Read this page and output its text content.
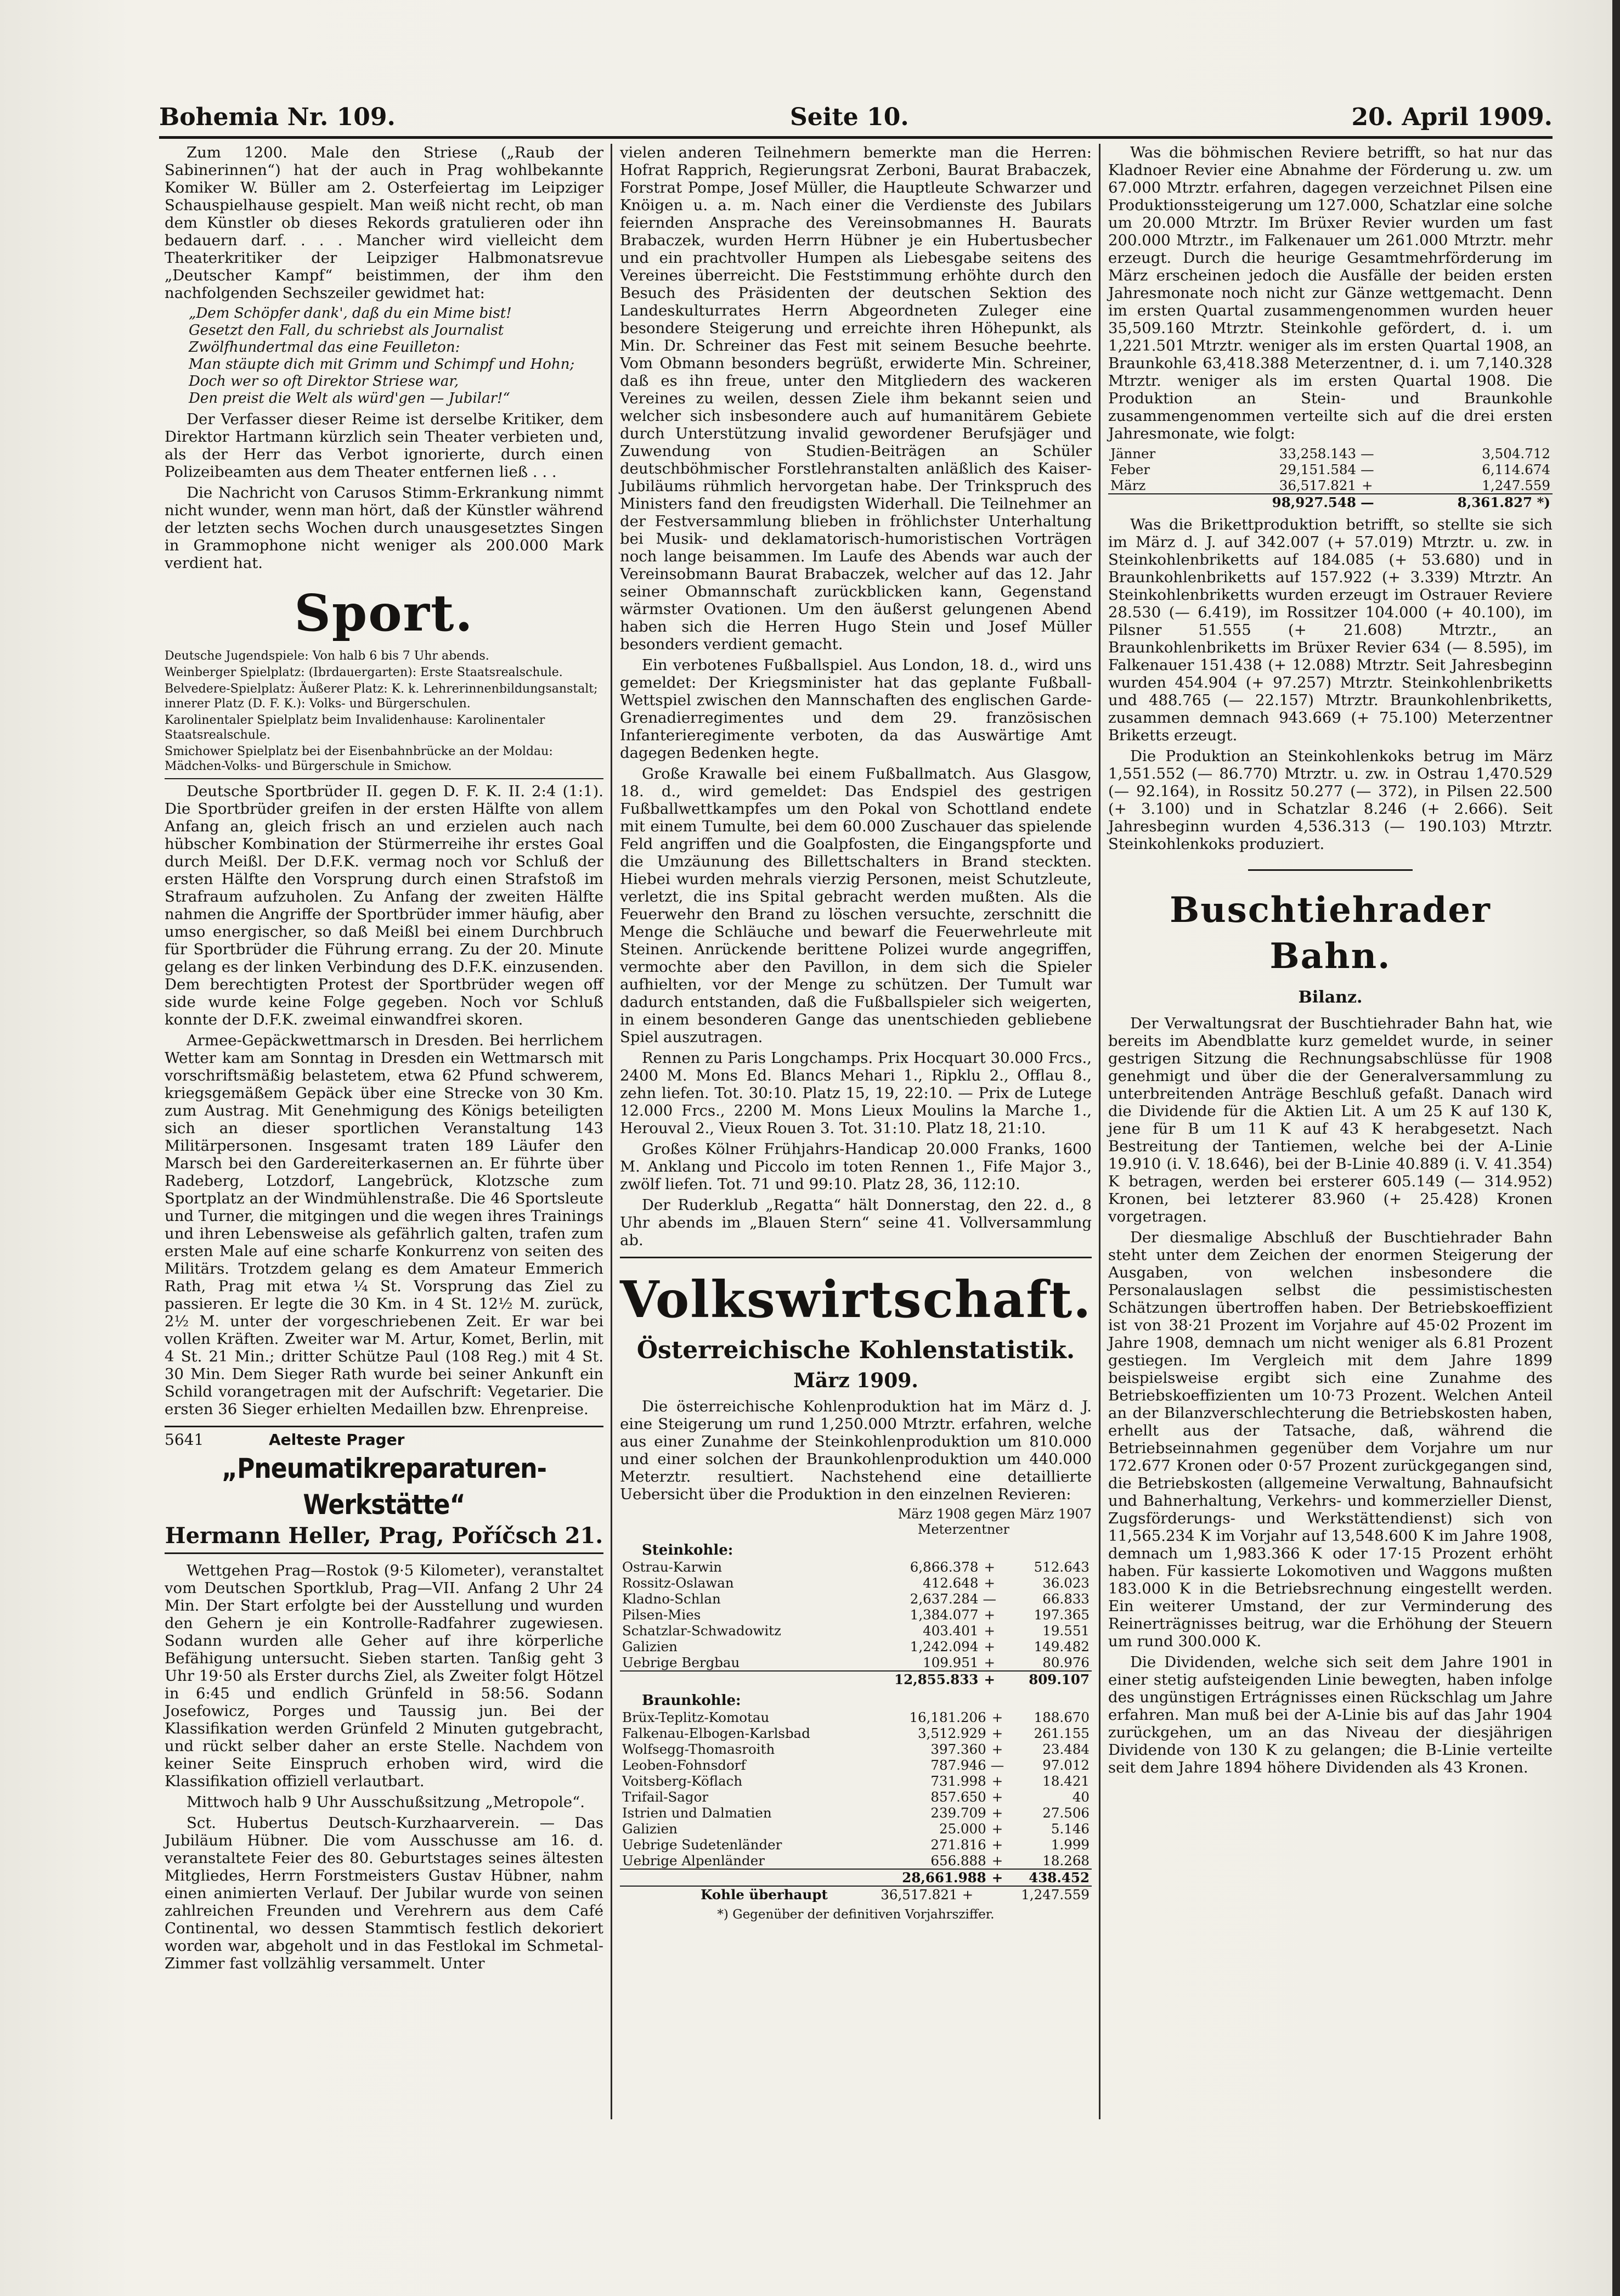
Bohemia Nr. 109.	Seite 10.	20. April 1909.

Zum 1200. Male den Striese („Raub der Sabinerinnen“) hat der auch in Prag wohlbekannte Komiker W. Büller am 2. Osterfeiertag im Leipziger Schauspielhause gespielt. Man weiß nicht recht, ob man dem Künstler ob dieses Rekords gratulieren oder ihn bedauern darf. . . . Mancher wird vielleicht dem Theaterkritiker der Leipziger Halbmonatsrevue „Deutscher Kampf“ beistimmen, der ihm den nachfolgenden Sechszeiler gewidmet hat:

„Dem Schöpfer dank', daß du ein Mime bist!
Gesetzt den Fall, du schriebst als Journalist
Zwölfhundertmal das eine Feuilleton:
Man stäupte dich mit Grimm und Schimpf und Hohn;
Doch wer so oft Direktor Striese war,
Den preist die Welt als würd'gen — Jubilar!“

Der Verfasser dieser Reime ist derselbe Kritiker, dem Direktor Hartmann kürzlich sein Theater verbieten und, als der Herr das Verbot ignorierte, durch einen Polizeibeamten aus dem Theater entfernen ließ . . .

Die Nachricht von Carusos Stimm-Erkrankung nimmt nicht wunder, wenn man hört, daß der Künstler während der letzten sechs Wochen durch unausgesetztes Singen in Grammophone nicht weniger als 200.000 Mark verdient hat.

Sport.

Deutsche Jugendspiele: Von halb 6 bis 7 Uhr abends.

Weinberger Spielplatz: (Ibrdauergarten): Erste Staatsrealschule.

Belvedere-Spielplatz: Äußerer Platz: K. k. Lehrerinnenbildungsanstalt; innerer Platz (D. F. K.): Volks- und Bürgerschulen.

Karolinentaler Spielplatz beim Invalidenhause: Karolinentaler Staatsrealschule.

Smichower Spielplatz bei der Eisenbahnbrücke an der Moldau: Mädchen-Volks- und Bürgerschule in Smichow.

Deutsche Sportbrüder II. gegen D. F. K. II. 2:4 (1:1). Die Sportbrüder greifen in der ersten Hälfte von allem Anfang an, gleich frisch an und erzielen auch nach hübscher Kombination der Stürmerreihe ihr erstes Goal durch Meißl. Der D.F.K. vermag noch vor Schluß der ersten Hälfte den Vorsprung durch einen Strafstoß im Strafraum aufzuholen. Zu Anfang der zweiten Hälfte nahmen die Angriffe der Sportbrüder immer häufig, aber umso energischer, so daß Meißl bei einem Durchbruch für Sportbrüder die Führung errang. Zu der 20. Minute gelang es der linken Verbindung des D.F.K. einzusenden. Dem berechtigten Protest der Sportbrüder wegen off side wurde keine Folge gegeben. Noch vor Schluß konnte der D.F.K. zweimal einwandfrei skoren.

Armee-Gepäckwettmarsch in Dresden. Bei herrlichem Wetter kam am Sonntag in Dresden ein Wettmarsch mit vorschriftsmäßig belastetem, etwa 62 Pfund schwerem, kriegsgemäßem Gepäck über eine Strecke von 30 Km. zum Austrag. Mit Genehmigung des Königs beteiligten sich an dieser sportlichen Veranstaltung 143 Militärpersonen. Insgesamt traten 189 Läufer den Marsch bei den Gardereiterkasernen an. Er führte über Radeberg, Lotzdorf, Langebrück, Klotzsche zum Sportplatz an der Windmühlenstraße. Die 46 Sportsleute und Turner, die mitgingen und die wegen ihres Trainings und ihren Lebensweise als gefährlich galten, trafen zum ersten Male auf eine scharfe Konkurrenz von seiten des Militärs. Trotzdem gelang es dem Amateur Emmerich Rath, Prag mit etwa ¼ St. Vorsprung das Ziel zu passieren. Er legte die 30 Km. in 4 St. 12½ M. zurück, 2½ M. unter der vorgeschriebenen Zeit. Er war bei vollen Kräften. Zweiter war M. Artur, Komet, Berlin, mit 4 St. 21 Min.; dritter Schütze Paul (108 Reg.) mit 4 St. 30 Min. Dem Sieger Rath wurde bei seiner Ankunft ein Schild vorangetragen mit der Aufschrift: Vegetarier. Die ersten 36 Sieger erhielten Medaillen bzw. Ehrenpreise.

5641	Aelteste Prager
„Pneumatikreparaturen-Werkstätte“
Hermann Heller, Prag, Poříčsch 21.

Wettgehen Prag—Rostok (9·5 Kilometer), veranstaltet vom Deutschen Sportklub, Prag—VII. Anfang 2 Uhr 24 Min. Der Start erfolgte bei der Ausstellung und wurden den Gehern je ein Kontrolle-Radfahrer zugewiesen. Sodann wurden alle Geher auf ihre körperliche Befähigung untersucht. Sieben starten. Tanßig geht 3 Uhr 19·50 als Erster durchs Ziel, als Zweiter folgt Hötzel in 6:45 und endlich Grünfeld in 58:56. Sodann Josefowicz, Porges und Taussig jun. Bei der Klassifikation werden Grünfeld 2 Minuten gutgebracht, und rückt selber daher an erste Stelle. Nachdem von keiner Seite Einspruch erhoben wird, wird die Klassifikation offiziell verlautbart.

Mittwoch halb 9 Uhr Ausschußsitzung „Metropole“.

Sct. Hubertus Deutsch-Kurzhaarverein. — Das Jubiläum Hübner. Die vom Ausschusse am 16. d. veranstaltete Feier des 80. Geburtstages seines ältesten Mitgliedes, Herrn Forstmeisters Gustav Hübner, nahm einen animierten Verlauf. Der Jubilar wurde von seinen zahlreichen Freunden und Verehrern aus dem Café Continental, wo dessen Stammtisch festlich dekoriert worden war, abgeholt und in das Festlokal im Schmetal-Zimmer fast vollzählig versammelt. Unter

vielen anderen Teilnehmern bemerkte man die Herren: Hofrat Rapprich, Regierungsrat Zerboni, Baurat Brabaczek, Forstrat Pompe, Josef Müller, die Hauptleute Schwarzer und Knöigen u. a. m. Nach einer die Verdienste des Jubilars feiernden Ansprache des Vereinsobmannes H. Baurats Brabaczek, wurden Herrn Hübner je ein Hubertusbecher und ein prachtvoller Humpen als Liebesgabe seitens des Vereines überreicht. Die Feststimmung erhöhte durch den Besuch des Präsidenten der deutschen Sektion des Landeskulturrates Herrn Abgeordneten Zuleger eine besondere Steigerung und erreichte ihren Höhepunkt, als Min. Dr. Schreiner das Fest mit seinem Besuche beehrte. Vom Obmann besonders begrüßt, erwiderte Min. Schreiner, daß es ihn freue, unter den Mitgliedern des wackeren Vereines zu weilen, dessen Ziele ihm bekannt seien und welcher sich insbesondere auch auf humanitärem Gebiete durch Unterstützung invalid gewordener Berufsjäger und Zuwendung von Studien-Beiträgen an Schüler deutschböhmischer Forstlehranstalten anläßlich des Kaiser-Jubiläums rühmlich hervorgetan habe. Der Trinkspruch des Ministers fand den freudigsten Widerhall. Die Teilnehmer an der Festversammlung blieben in fröhlichster Unterhaltung bei Musik- und deklamatorisch-humoristischen Vorträgen noch lange beisammen. Im Laufe des Abends war auch der Vereinsobmann Baurat Brabaczek, welcher auf das 12. Jahr seiner Obmannschaft zurückblicken kann, Gegenstand wärmster Ovationen. Um den äußerst gelungenen Abend haben sich die Herren Hugo Stein und Josef Müller besonders verdient gemacht.

Ein verbotenes Fußballspiel. Aus London, 18. d., wird uns gemeldet: Der Kriegsminister hat das geplante Fußball-Wettspiel zwischen den Mannschaften des englischen Garde-Grenadierregimentes und dem 29. französischen Infanterieregimente verboten, da das Auswärtige Amt dagegen Bedenken hegte.

Große Krawalle bei einem Fußballmatch. Aus Glasgow, 18. d., wird gemeldet: Das Endspiel des gestrigen Fußballwettkampfes um den Pokal von Schottland endete mit einem Tumulte, bei dem 60.000 Zuschauer das spielende Feld angriffen und die Goalpfosten, die Eingangspforte und die Umzäunung des Billettschalters in Brand steckten. Hiebei wurden mehrals vierzig Personen, meist Schutzleute, verletzt, die ins Spital gebracht werden mußten. Als die Feuerwehr den Brand zu löschen versuchte, zerschnitt die Menge die Schläuche und bewarf die Feuerwehrleute mit Steinen. Anrückende berittene Polizei wurde angegriffen, vermochte aber den Pavillon, in dem sich die Spieler aufhielten, vor der Menge zu schützen. Der Tumult war dadurch entstanden, daß die Fußballspieler sich weigerten, in einem besonderen Gange das unentschieden gebliebene Spiel auszutragen.

Rennen zu Paris Longchamps. Prix Hocquart 30.000 Frcs., 2400 M. Mons Ed. Blancs Mehari 1., Ripklu 2., Offlau 8., zehn liefen. Tot. 30:10. Platz 15, 19, 22:10. — Prix de Lutege 12.000 Frcs., 2200 M. Mons Lieux Moulins la Marche 1., Herouval 2., Vieux Rouen 3. Tot. 31:10. Platz 18, 21:10.

Großes Kölner Frühjahrs-Handicap 20.000 Franks, 1600 M. Anklang und Piccolo im toten Rennen 1., Fife Major 3., zwölf liefen. Tot. 71 und 99:10. Platz 28, 36, 112:10.

Der Ruderklub „Regatta“ hält Donnerstag, den 22. d., 8 Uhr abends im „Blauen Stern“ seine 41. Vollversammlung ab.

Volkswirtschaft.
Österreichische Kohlenstatistik.
März 1909.

Die österreichische Kohlenproduktion hat im März d. J. eine Steigerung um rund 1,250.000 Mtrztr. erfahren, welche aus einer Zunahme der Steinkohlenproduktion um 810.000 und einer solchen der Braunkohlenproduktion um 440.000 Meterztr. resultiert. Nachstehend eine detaillierte Uebersicht über die Produktion in den einzelnen Revieren:

März 1908 gegen März 1907
Meterzentner
Steinkohle:
Ostrau-Karwin	6,866.378	+	512.643
Rossitz-Oslawan	412.648	+	36.023
Kladno-Schlan	2,637.284	—	66.833
Pilsen-Mies	1,384.077	+	197.365
Schatzlar-Schwadowitz	403.401	+	19.551
Galizien	1,242.094	+	149.482
Uebrige Bergbau	109.951	+	80.976
	12,855.833	+	809.107
Braunkohle:
Brüx-Teplitz-Komotau	16,181.206	+	188.670
Falkenau-Elbogen-Karlsbad	3,512.929	+	261.155
Wolfsegg-Thomasroith	397.360	+	23.484
Leoben-Fohnsdorf	787.946	—	97.012
Voitsberg-Köflach	731.998	+	18.421
Trifail-Sagor	857.650	+	40
Istrien und Dalmatien	239.709	+	27.506
Galizien	25.000	+	5.146
Uebrige Sudetenländer	271.816	+	1.999
Uebrige Alpenländer	656.888	+	18.268
	28,661.988	+	438.452
Kohle überhaupt	36,517.821	+	1,247.559
*) Gegenüber der definitiven Vorjahrsziffer.

Was die böhmischen Reviere betrifft, so hat nur das Kladnoer Revier eine Abnahme der Förderung u. zw. um 67.000 Mtrztr. erfahren, dagegen verzeichnet Pilsen eine Produktionssteigerung um 127.000, Schatzlar eine solche um 20.000 Mtrztr. Im Brüxer Revier wurden um fast 200.000 Mtrztr., im Falkenauer um 261.000 Mtrztr. mehr erzeugt. Durch die heurige Gesamtmehrförderung im März erscheinen jedoch die Ausfälle der beiden ersten Jahresmonate noch nicht zur Gänze wettgemacht. Denn im ersten Quartal zusammengenommen wurden heuer 35,509.160 Mtrztr. Steinkohle gefördert, d. i. um 1,221.501 Mtrztr. weniger als im ersten Quartal 1908, an Braunkohle 63,418.388 Meterzentner, d. i. um 7,140.328 Mtrztr. weniger als im ersten Quartal 1908. Die Produktion an Stein- und Braunkohle zusammengenommen verteilte sich auf die drei ersten Jahresmonate, wie folgt:

Jänner	33,258.143	—	3,504.712
Feber	29,151.584	—	6,114.674
März	36,517.821	+	1,247.559
	98,927.548	—	8,361.827 *)

Was die Brikettproduktion betrifft, so stellte sie sich im März d. J. auf 342.007 (+ 57.019) Mtrztr. u. zw. in Steinkohlenbriketts auf 184.085 (+ 53.680) und in Braunkohlenbriketts auf 157.922 (+ 3.339) Mtrztr. An Steinkohlenbriketts wurden erzeugt im Ostrauer Reviere 28.530 (— 6.419), im Rossitzer 104.000 (+ 40.100), im Pilsner 51.555 (+ 21.608) Mtrztr., an Braunkohlenbriketts im Brüxer Revier 634 (— 8.595), im Falkenauer 151.438 (+ 12.088) Mtrztr. Seit Jahresbeginn wurden 454.904 (+ 97.257) Mtrztr. Steinkohlenbriketts und 488.765 (— 22.157) Mtrztr. Braunkohlenbriketts, zusammen demnach 943.669 (+ 75.100) Meterzentner Briketts erzeugt.

Die Produktion an Steinkohlenkoks betrug im März 1,551.552 (— 86.770) Mtrztr. u. zw. in Ostrau 1,470.529 (— 92.164), in Rossitz 50.277 (— 372), in Pilsen 22.500 (+ 3.100) und in Schatzlar 8.246 (+ 2.666). Seit Jahresbeginn wurden 4,536.313 (— 190.103) Mtrztr. Steinkohlenkoks produziert.

Buschtiehrader Bahn.
Bilanz.

Der Verwaltungsrat der Buschtiehrader Bahn hat, wie bereits im Abendblatte kurz gemeldet wurde, in seiner gestrigen Sitzung die Rechnungsabschlüsse für 1908 genehmigt und über die der Generalversammlung zu unterbreitenden Anträge Beschluß gefaßt. Danach wird die Dividende für die Aktien Lit. A um 25 K auf 130 K, jene für B um 11 K auf 43 K herabgesetzt. Nach Bestreitung der Tantiemen, welche bei der A-Linie 19.910 (i. V. 18.646), bei der B-Linie 40.889 (i. V. 41.354) K betragen, werden bei ersterer 605.149 (— 314.952) Kronen, bei letzterer 83.960 (+ 25.428) Kronen vorgetragen.

Der diesmalige Abschluß der Buschtiehrader Bahn steht unter dem Zeichen der enormen Steigerung der Ausgaben, von welchen insbesondere die Personalauslagen selbst die pessimistischesten Schätzungen übertroffen haben. Der Betriebskoeffizient ist von 38·21 Prozent im Vorjahre auf 45·02 Prozent im Jahre 1908, demnach um nicht weniger als 6.81 Prozent gestiegen. Im Vergleich mit dem Jahre 1899 beispielsweise ergibt sich eine Zunahme des Betriebskoeffizienten um 10·73 Prozent. Welchen Anteil an der Bilanzverschlechterung die Betriebskosten haben, erhellt aus der Tatsache, daß, während die Betriebseinnahmen gegenüber dem Vorjahre um nur 172.677 Kronen oder 0·57 Prozent zurückgegangen sind, die Betriebskosten (allgemeine Verwaltung, Bahnaufsicht und Bahnerhaltung, Verkehrs- und kommerzieller Dienst, Zugsförderungs- und Werkstättendienst) sich von 11,565.234 K im Vorjahr auf 13,548.600 K im Jahre 1908, demnach um 1,983.366 K oder 17·15 Prozent erhöht haben. Für kassierte Lokomotiven und Waggons mußten 183.000 K in die Betriebsrechnung eingestellt werden. Ein weiterer Umstand, der zur Verminderung des Reinerträgnisses beitrug, war die Erhöhung der Steuern um rund 300.000 K.

Die Dividenden, welche sich seit dem Jahre 1901 in einer stetig aufsteigenden Linie bewegten, haben infolge des ungünstigen Ertrágnisses einen Rückschlag um Jahre erfahren. Man muß bei der A-Linie bis auf das Jahr 1904 zurückgehen, um an das Niveau der diesjährigen Dividende von 130 K zu gelangen; die B-Linie verteilte seit dem Jahre 1894 höhere Dividenden als 43 Kronen.
